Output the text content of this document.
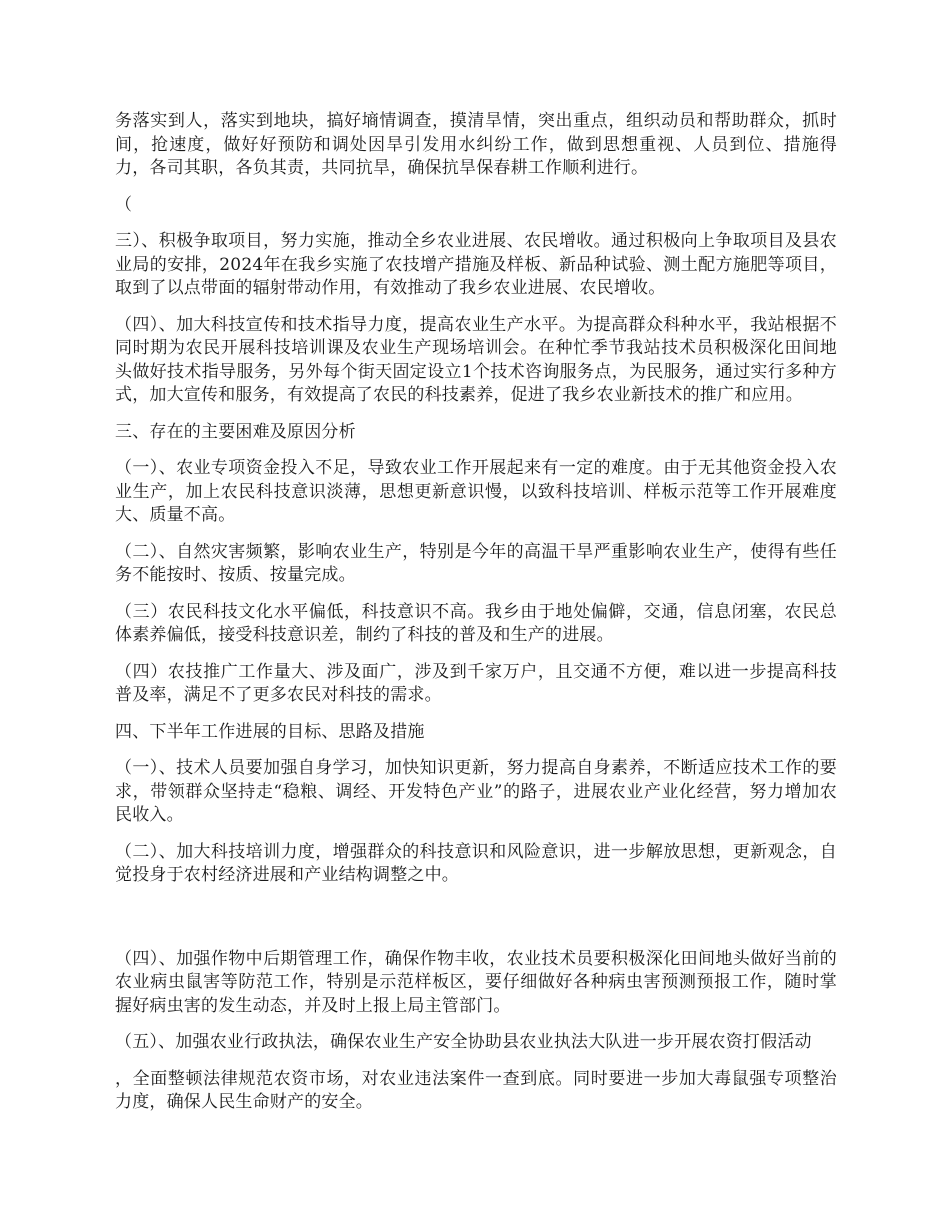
务落实到人，落实到地块，搞好墒情调查，摸清旱情，突出重点，组织动员和帮助群众，抓时间，抢速度，做好好预防和调处因旱引发用水纠纷工作，做到思想重视、人员到位、措施得力，各司其职，各负其责，共同抗旱，确保抗旱保春耕工作顺利进行。

（

三）、积极争取项目，努力实施，推动全乡农业进展、农民增收。通过积极向上争取项目及县农业局的安排，2024年在我乡实施了农技增产措施及样板、新品种试验、测土配方施肥等项目，取到了以点带面的辐射带动作用，有效推动了我乡农业进展、农民增收。

（四）、加大科技宣传和技术指导力度，提高农业生产水平。为提高群众科种水平，我站根据不同时期为农民开展科技培训课及农业生产现场培训会。在种忙季节我站技术员积极深化田间地头做好技术指导服务，另外每个街天固定设立1个技术咨询服务点，为民服务，通过实行多种方式，加大宣传和服务，有效提高了农民的科技素养，促进了我乡农业新技术的推广和应用。

三、存在的主要困难及原因分析

（一）、农业专项资金投入不足，导致农业工作开展起来有一定的难度。由于无其他资金投入农业生产，加上农民科技意识淡薄，思想更新意识慢，以致科技培训、样板示范等工作开展难度大、质量不高。

（二）、自然灾害频繁，影响农业生产，特别是今年的高温干旱严重影响农业生产，使得有些任务不能按时、按质、按量完成。

（三）农民科技文化水平偏低，科技意识不高。我乡由于地处偏僻，交通，信息闭塞，农民总体素养偏低，接受科技意识差，制约了科技的普及和生产的进展。

（四）农技推广工作量大、涉及面广，涉及到千家万户，且交通不方便，难以进一步提高科技普及率，满足不了更多农民对科技的需求。

四、下半年工作进展的目标、思路及措施

（一）、技术人员要加强自身学习，加快知识更新，努力提高自身素养，不断适应技术工作的要求，带领群众坚持走“稳粮、调经、开发特色产业”的路子，进展农业产业化经营，努力增加农民收入。

（二）、加大科技培训力度，增强群众的科技意识和风险意识，进一步解放思想，更新观念，自觉投身于农村经济进展和产业结构调整之中。

（四）、加强作物中后期管理工作，确保作物丰收，农业技术员要积极深化田间地头做好当前的农业病虫鼠害等防范工作，特别是示范样板区，要仔细做好各种病虫害预测预报工作，随时掌握好病虫害的发生动态，并及时上报上局主管部门。

（五）、加强农业行政执法，确保农业生产安全协助县农业执法大队进一步开展农资打假活动

，全面整顿法律规范农资市场，对农业违法案件一查到底。同时要进一步加大毒鼠强专项整治力度，确保人民生命财产的安全。
